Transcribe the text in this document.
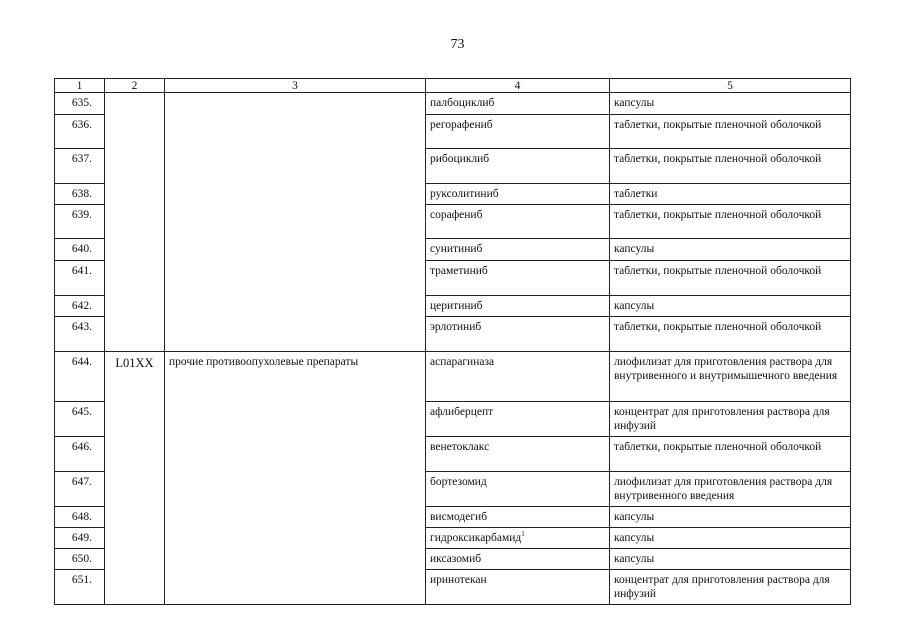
73
1	2	3	4	5
635.			палбоциклиб	капсулы
636.			регорафениб	таблетки, покрытые пленочной оболочкой
637.			рибоциклиб	таблетки, покрытые пленочной оболочкой
638.			руксолитиниб	таблетки
639.			сорафениб	таблетки, покрытые пленочной оболочкой
640.			сунитиниб	капсулы
641.			траметиниб	таблетки, покрытые пленочной оболочкой
642.			церитиниб	капсулы
643.			эрлотиниб	таблетки, покрытые пленочной оболочкой
644.	L01XX	прочие противоопухолевые препараты	аспарагиназа	лиофилизат для приготовления раствора для внутривенного и внутримышечного введения
645.			афлиберцепт	концентрат для приготовления раствора для инфузий
646.			венетоклакс	таблетки, покрытые пленочной оболочкой
647.			бортезомид	лиофилизат для приготовления раствора для внутривенного введения
648.			висмодегиб	капсулы
649.			гидроксикарбамид$^1$	капсулы
650.			иксазомиб	капсулы
651.			иринотекан	концентрат для приготовления раствора для инфузий
